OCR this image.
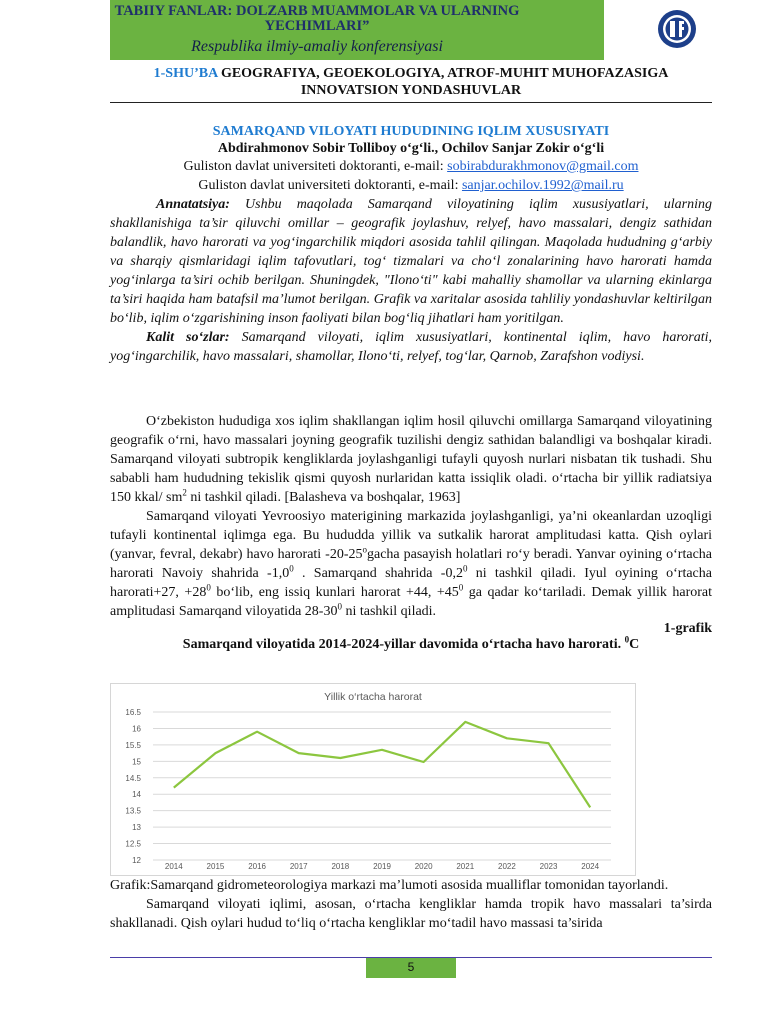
TABIIY FANLAR: DOLZARB MUAMMOLAR VA ULARNING YECHIMLARI”
Respublika ilmiy-amaliy konferensiyasi
1-SHU’BA GEOGRAFIYA, GEOEKOLOGIYA, ATROF-MUHIT MUHOFAZASIGA INNOVATSION YONDASHUVLAR
SAMARQAND VILOYATI HUDUDINING IQLIM XUSUSIYATI
Abdirahmonov Sobir Tolliboy o‘g‘li., Ochilov Sanjar Zokir o‘g‘li
Guliston davlat universiteti doktoranti, e-mail: sobirabdurakhmonov@gmail.com
Guliston davlat universiteti doktoranti, e-mail: sanjar.ochilov.1992@mail.ru
Annatatsiya: Ushbu maqolada Samarqand viloyatining iqlim xususiyatlari, ularning shakllanishiga ta’sir qiluvchi omillar – geografik joylashuv, relyef, havo massalari, dengiz sathidan balandlik, havo harorati va yog‘ingarchilik miqdori asosida tahlil qilingan. Maqolada hududning g‘arbiy va sharqiy qismlaridagi iqlim tafovutlari, tog‘ tizmalari va cho‘l zonalarining havo harorati hamda yog‘inlarga ta’siri ochib berilgan. Shuningdek, "Ilono‘ti" kabi mahalliy shamollar va ularning ekinlarga ta’siri haqida ham batafsil ma’lumot berilgan. Grafik va xaritalar asosida tahliliy yondashuvlar keltirilgan bo‘lib, iqlim o‘zgarishining inson faoliyati bilan bog‘liq jihatlari ham yoritilgan.
Kalit so‘zlar: Samarqand viloyati, iqlim xususiyatlari, kontinental iqlim, havo harorati, yog‘ingarchilik, havo massalari, shamollar, Ilono‘ti, relyef, tog‘lar, Qarnob, Zarafshon vodiysi.
O‘zbekiston hududiga xos iqlim shakllangan iqlim hosil qiluvchi omillarga Samarqand viloyatining geografik o‘rni, havo massalari joyning geografik tuzilishi dengiz sathidan balandligi va boshqalar kiradi. Samarqand viloyati subtropik kengliklarda joylashganligi tufayli quyosh nurlari nisbatan tik tushadi. Shu sababli ham hududning tekislik qismi quyosh nurlaridan katta issiqlik oladi. o‘rtacha bir yillik radiatsiya 150 kkal/ $sm^2$ ni tashkil qiladi. [Balasheva va boshqalar, 1963]
Samarqand viloyati Yevroosiyo materigining markazida joylashganligi, ya’ni okeanlardan uzoqligi tufayli kontinental iqlimga ega. Bu hududda yillik va sutkalik harorat amplitudasi katta. Qish oylari (yanvar, fevral, dekabr) havo harorati -20-25$^o$gacha pasayish holatlari ro‘y beradi. Yanvar oyining o‘rtacha harorati Navoiy shahrida $-1,0^0$ . Samarqand shahrida $-0,2^0$ ni tashkil qiladi. Iyul oyining o‘rtacha harorati+27, $+28^0$ bo‘lib, eng issiq kunlari harorat +44, $+45^0$ ga qadar ko‘tariladi. Demak yillik harorat amplitudasi Samarqand viloyatida $28-30^0$ ni tashkil qiladi.
1-grafik
Samarqand viloyatida 2014-2024-yillar davomida o‘rtacha havo harorati. $^0$C
Yillik o‘rtacha harorat
12
12.5
13
13.5
14
14.5
15
15.5
16
16.5
2014	2015	2016	2017	2018	2019	2020	2021	2022	2023	2024
Grafik:Samarqand gidrometeorologiya markazi ma’lumoti asosida mualliflar tomonidan tayorlandi.
Samarqand viloyati iqlimi, asosan, o‘rtacha kengliklar hamda tropik havo massalari ta’sirda shakllanadi. Qish oylari hudud to‘liq o‘rtacha kengliklar mo‘tadil havo massasi ta’sirida
5
